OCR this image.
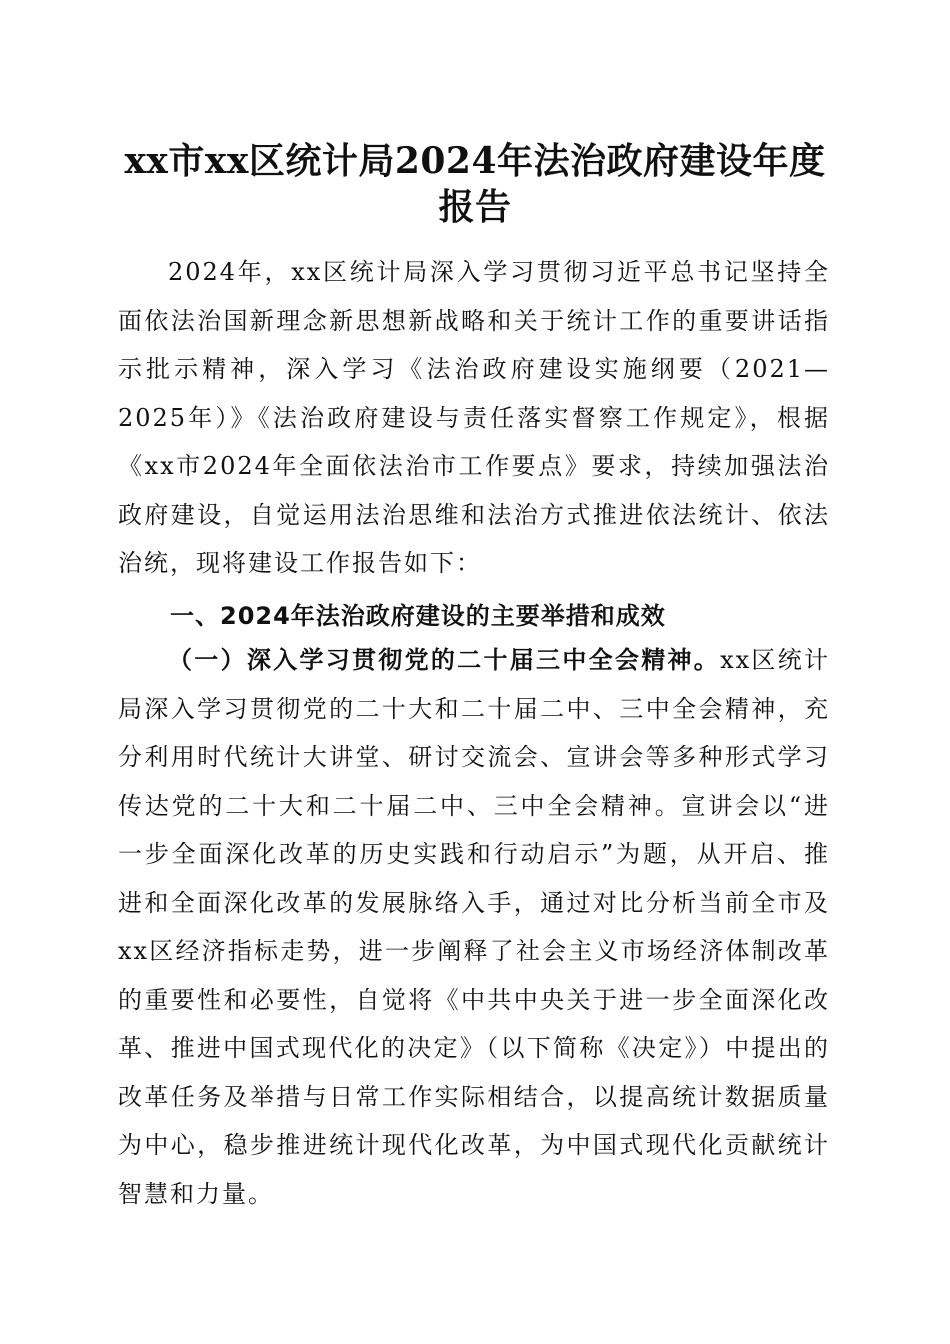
xx市xx区统计局2024年法治政府建设年度报告

2024年，xx区统计局深入学习贯彻习近平总书记坚持全面依法治国新理念新思想新战略和关于统计工作的重要讲话指示批示精神，深入学习《法治政府建设实施纲要（2021—2025年）》《法治政府建设与责任落实督察工作规定》，根据《xx市2024年全面依法治市工作要点》要求，持续加强法治政府建设，自觉运用法治思维和法治方式推进依法统计、依法治统，现将建设工作报告如下：

一、2024年法治政府建设的主要举措和成效

（一）深入学习贯彻党的二十届三中全会精神。xx区统计局深入学习贯彻党的二十大和二十届二中、三中全会精神，充分利用时代统计大讲堂、研讨交流会、宣讲会等多种形式学习传达党的二十大和二十届二中、三中全会精神。宣讲会以“进一步全面深化改革的历史实践和行动启示”为题，从开启、推进和全面深化改革的发展脉络入手，通过对比分析当前全市及xx区经济指标走势，进一步阐释了社会主义市场经济体制改革的重要性和必要性，自觉将《中共中央关于进一步全面深化改革、推进中国式现代化的决定》（以下简称《决定》）中提出的改革任务及举措与日常工作实际相结合，以提高统计数据质量为中心，稳步推进统计现代化改革，为中国式现代化贡献统计智慧和力量。
